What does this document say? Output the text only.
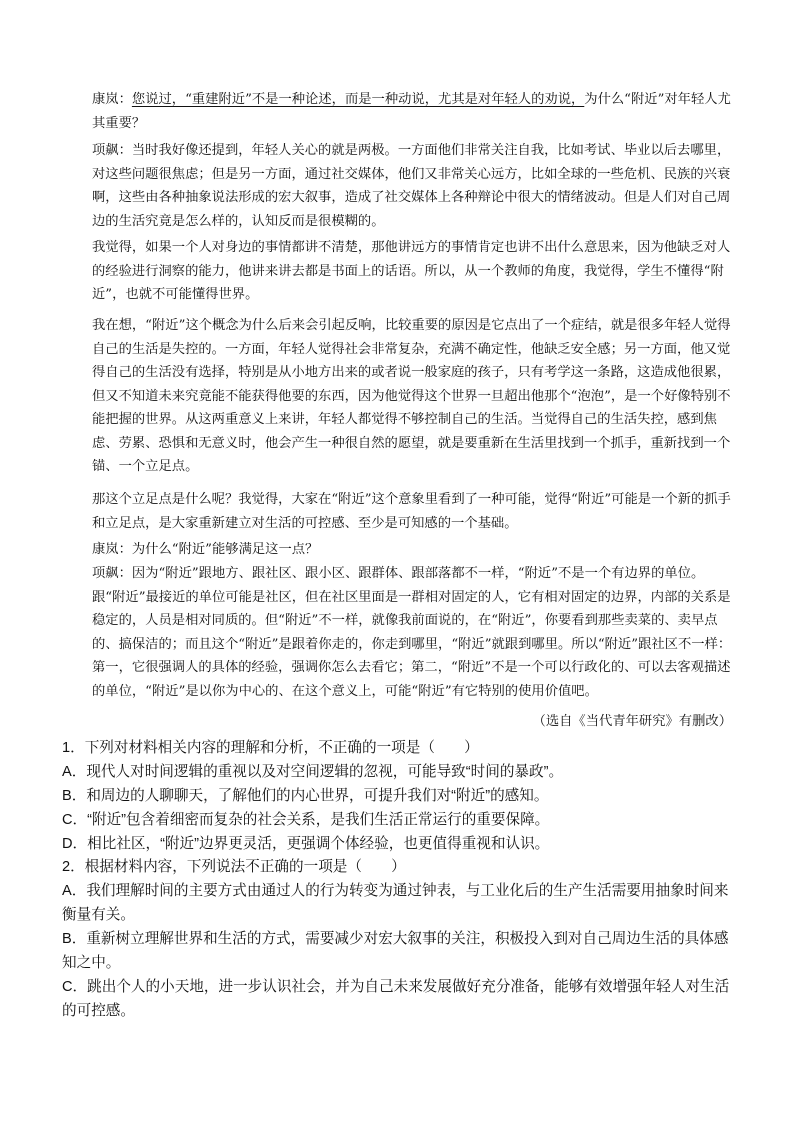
康岚：您说过，“重建附近”不是一种论述，而是一种动说，尤其是对年轻人的劝说，为什么“附近”对年轻人尤其重要？

项飙：当时我好像还提到，年轻人关心的就是两极。一方面他们非常关注自我，比如考试、毕业以后去哪里，对这些问题很焦虑；但是另一方面，通过社交媒体，他们又非常关心远方，比如全球的一些危机、民族的兴衰啊，这些由各种抽象说法形成的宏大叙事，造成了社交媒体上各种辩论中很大的情绪波动。但是人们对自己周边的生活究竟是怎么样的，认知反而是很模糊的。

我觉得，如果一个人对身边的事情都讲不清楚，那他讲远方的事情肯定也讲不出什么意思来，因为他缺乏对人的经验进行洞察的能力，他讲来讲去都是书面上的话语。所以，从一个教师的角度，我觉得，学生不懂得“附近”，也就不可能懂得世界。

我在想，“附近”这个概念为什么后来会引起反响，比较重要的原因是它点出了一个症结，就是很多年轻人觉得自己的生活是失控的。一方面，年轻人觉得社会非常复杂，充满不确定性，他缺乏安全感；另一方面，他又觉得自己的生活没有选择，特别是从小地方出来的或者说一般家庭的孩子，只有考学这一条路，这造成他很累，但又不知道未来究竟能不能获得他要的东西，因为他觉得这个世界一旦超出他那个“泡泡”，是一个好像特别不能把握的世界。从这两重意义上来讲，年轻人都觉得不够控制自己的生活。当觉得自己的生活失控，感到焦虑、劳累、恐惧和无意义时，他会产生一种很自然的愿望，就是要重新在生活里找到一个抓手，重新找到一个锚、一个立足点。

那这个立足点是什么呢？我觉得，大家在“附近”这个意象里看到了一种可能，觉得“附近”可能是一个新的抓手和立足点，是大家重新建立对生活的可控感、至少是可知感的一个基础。

康岚：为什么“附近”能够满足这一点？

项飙：因为“附近”跟地方、跟社区、跟小区、跟群体、跟部落都不一样，“附近”不是一个有边界的单位。跟“附近”最接近的单位可能是社区，但在社区里面是一群相对固定的人，它有相对固定的边界，内部的关系是稳定的，人员是相对同质的。但“附近”不一样，就像我前面说的，在“附近”，你要看到那些卖菜的、卖早点的、搞保洁的；而且这个“附近”是跟着你走的，你走到哪里，“附近”就跟到哪里。所以“附近”跟社区不一样：第一，它很强调人的具体的经验，强调你怎么去看它；第二，“附近”不是一个可以行政化的、可以去客观描述的单位，“附近”是以你为中心的、在这个意义上，可能“附近”有它特别的使用价值吧。

（选自《当代青年研究》有删改）

1．下列对材料相关内容的理解和分析，不正确的一项是（　　）

A．现代人对时间逻辑的重视以及对空间逻辑的忽视，可能导致“时间的暴政”。

B．和周边的人聊聊天，了解他们的内心世界，可提升我们对“附近”的感知。

C．“附近”包含着细密而复杂的社会关系，是我们生活正常运行的重要保障。

D．相比社区，“附近”边界更灵活，更强调个体经验，也更值得重视和认识。

2．根据材料内容，下列说法不正确的一项是（　　）

A．我们理解时间的主要方式由通过人的行为转变为通过钟表，与工业化后的生产生活需要用抽象时间来衡量有关。

B．重新树立理解世界和生活的方式，需要减少对宏大叙事的关注，积极投入到对自己周边生活的具体感知之中。

C．跳出个人的小天地，进一步认识社会，并为自己未来发展做好充分准备，能够有效增强年轻人对生活的可控感。
